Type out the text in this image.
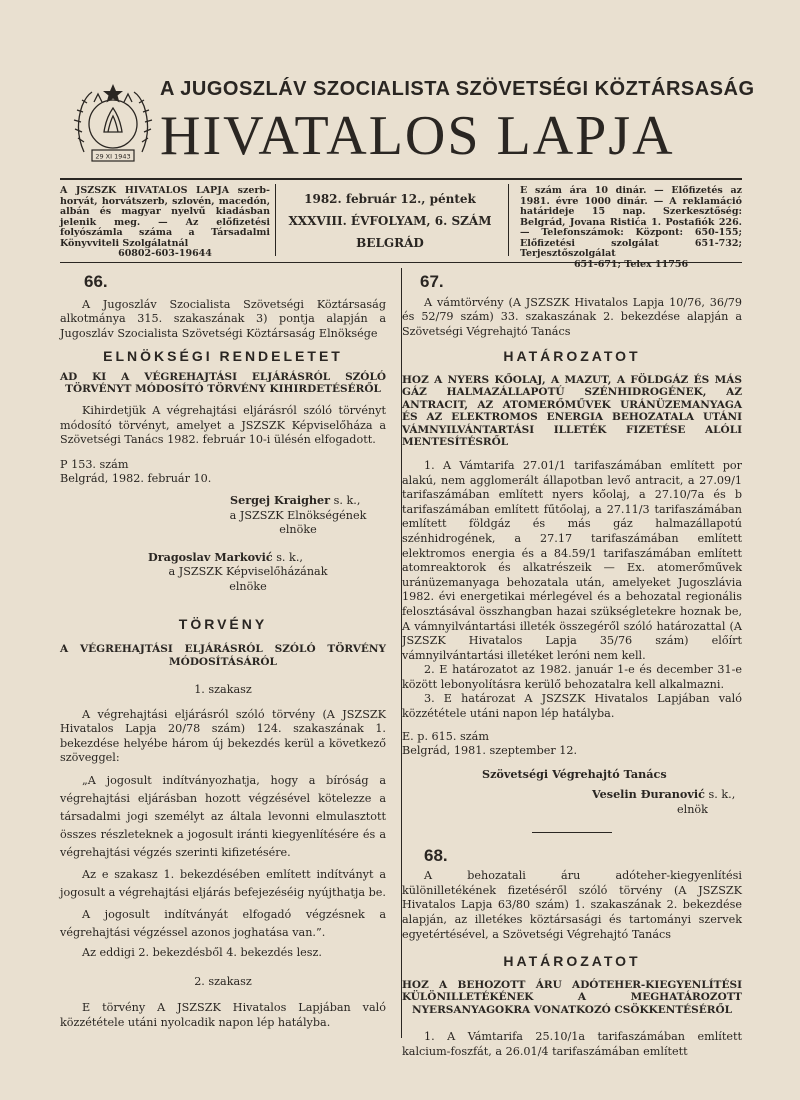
29 XI 1943
A JUGOSZLÁV SZOCIALISTA SZÖVETSÉGI KÖZTÁRSASÁG
HIVATALOS LAPJA
A JSZSZK HIVATALOS LAPJA szerb-horvát, horvátszerb, szlovén, macedón, albán és magyar nyelvű kiadásban jelenik meg. — Az előfizetési folyószámla száma a Társadalmi Könyvviteli Szolgálatnál
60802-603-19644
1982. február 12., péntek
XXXVIII. ÉVFOLYAM, 6. SZÁM
BELGRÁD
E szám ára 10 dinár. — Előfizetés az 1981. évre 1000 dinár. — A reklamáció határideje 15 nap. Szerkesztőség: Belgrád, Jovana Ristića 1. Postafiók 226. — Telefonszámok: Központ: 650-155; Előfizetési szolgálat 651-732; Terjesztőszolgálat
651-671; Telex 11756
66.

A Jugoszláv Szocialista Szövetségi Köztársaság alkotmánya 315. szakaszának 3) pontja alapján a Jugoszláv Szocialista Szövetségi Köztársaság Elnöksége

ELNÖKSÉGI RENDELETET
AD KI A VÉGREHAJTÁSI ELJÁRÁSRÓL SZÓLÓ TÖRVÉNYT MÓDOSÍTÓ TÖRVÉNY KIHIRDETÉSÉRŐL

Kihirdetjük A végrehajtási eljárásról szóló törvényt módosító törvényt, amelyet a JSZSZK Képviselőháza a Szövetségi Tanács 1982. február 10-i ülésén elfogadott.

P 153. szám
Belgrád, 1982. február 10.
Sergej Kraigher s. k.,
a JSZSZK Elnökségének
elnöke
Dragoslav Marković s. k.,
a JSZSZK Képviselőházának
elnöke
TÖRVÉNY
A VÉGREHAJTÁSI ELJÁRÁSRÓL SZÓLÓ TÖRVÉNY MÓDOSÍTÁSÁRÓL
1. szakasz

A végrehajtási eljárásról szóló törvény (A JSZSZK Hivatalos Lapja 20/78 szám) 124. szakaszának 1. bekezdése helyébe három új bekezdés kerül a következő szöveggel:

„A jogosult indítványozhatja, hogy a bíróság a végrehajtási eljárásban hozott végzésével kötelezze a társadalmi jogi személyt az általa levonni elmulasztott összes részleteknek a jogosult iránti kiegyenlítésére és a végrehajtási végzés szerinti kifizetésére.

Az e szakasz 1. bekezdésében említett indítványt a jogosult a végrehajtási eljárás befejezéséig nyújthatja be.

A jogosult indítványát elfogadó végzésnek a végrehajtási végzéssel azonos joghatása van.”.

Az eddigi 2. bekezdésből 4. bekezdés lesz.

2. szakasz

E törvény A JSZSZK Hivatalos Lapjában való közzététele utáni nyolcadik napon lép hatályba.

67.

A vámtörvény (A JSZSZK Hivatalos Lapja 10/76, 36/79 és 52/79 szám) 33. szakaszának 2. bekezdése alapján a Szövetségi Végrehajtó Tanács

HATÁROZATOT
HOZ A NYERS KŐOLAJ, A MAZUT, A FÖLDGÁZ ÉS MÁS GÁZ HALMAZÁLLAPOTÚ SZÉNHIDROGÉNEK, AZ ANTRACIT, AZ ATOMERŐMŰVEK URÁNÜZEMANYAGA ÉS AZ ELEKTROMOS ENERGIA BEHOZATALA UTÁNI VÁMNYILVÁNTARTÁSI ILLETÉK FIZETÉSE ALÓLI MENTESÍTÉSRŐL

1. A Vámtarifa 27.01/1 tarifaszámában említett por alakú, nem agglomerált állapotban levő antracit, a 27.09/1 tarifaszámában említett nyers kőolaj, a 27.10/7a és b tarifaszámában említett fűtőolaj, a 27.11/3 tarifaszámában említett földgáz és más gáz halmazállapotú szénhidrogének, a 27.17 tarifaszámában említett elektromos energia és a 84.59/1 tarifaszámában említett atomreaktorok és alkatrészeik — Ex. atomerőművek uránüzemanyaga behozatala után, amelyeket Jugoszlávia 1982. évi energetikai mérlegével és a behozatal regionális felosztásával összhangban hazai szükségletekre hoznak be, A vámnyilvántartási illeték összegéről szóló határozattal (A JSZSZK Hivatalos Lapja 35/76 szám) előírt vámnyilvántartási illetéket leróni nem kell.

2. E határozatot az 1982. január 1-e és december 31-e között lebonyolításra kerülő behozatalra kell alkalmazni.

3. E határozat A JSZSZK Hivatalos Lapjában való közzététele utáni napon lép hatályba.

E. p. 615. szám
Belgrád, 1981. szeptember 12.
Szövetségi Végrehajtó Tanács
Veselin Đuranović s. k.,
elnök
68.

A behozatali áru adóteher-kiegyenlítési különilletékének fizetéséről szóló törvény (A JSZSZK Hivatalos Lapja 63/80 szám) 1. szakaszának 2. bekezdése alapján, az illetékes köztársasági és tartományi szervek egyetértésével, a Szövetségi Végrehajtó Tanács

HATÁROZATOT
HOZ A BEHOZOTT ÁRU ADÓTEHER-KIEGYENLÍTÉSI KÜLÖNILLETÉKÉNEK A MEGHATÁROZOTT NYERSANYAGOKRA VONATKOZÓ CSÖKKENTÉSÉRŐL

1. A Vámtarifa 25.10/1a tarifaszámában említett kalcium-foszfát, a 26.01/4 tarifaszámában említett
